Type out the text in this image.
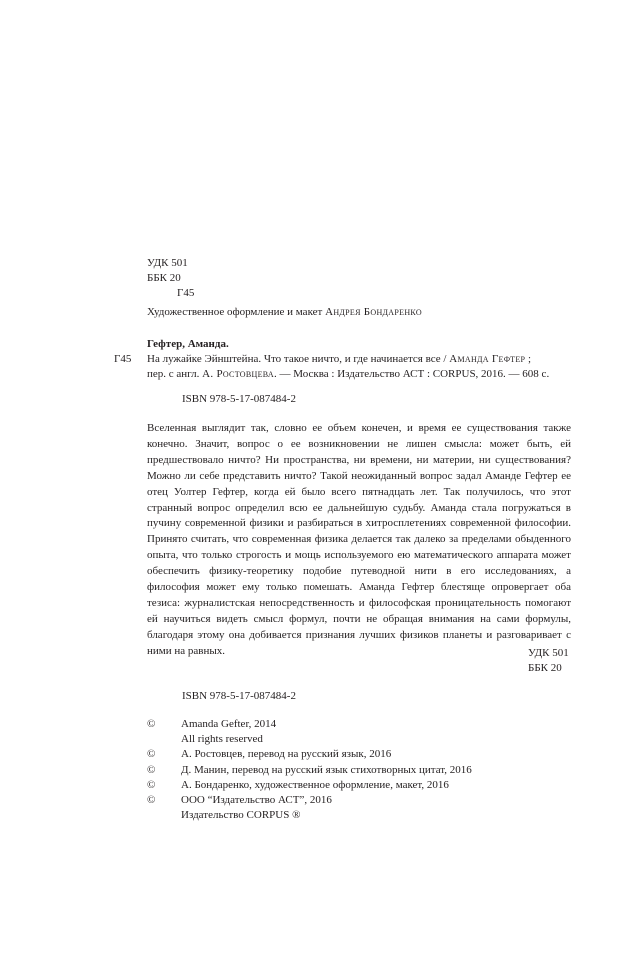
УДК 501
ББК 20
Г45
Художественное оформление и макет Андрея Бондаренко
Гефтер, Аманда.
Г45 На лужайке Эйнштейна. Что такое ничто, и где начинается все / Аманда Гефтер ;
пер. с англ. А. Ростовцева. — Москва : Издательство АСТ : CORPUS, 2016. — 608 с.
ISBN 978-5-17-087484-2

Вселенная выглядит так, словно ее объем конечен, и время ее существования также конечно. Значит, вопрос о ее возникновении не лишен смысла: может быть, ей предшествовало ничто? Ни пространства, ни времени, ни материи, ни существования? Можно ли себе представить ничто? Такой неожиданный вопрос задал Аманде Гефтер ее отец Уолтер Гефтер, когда ей было всего пятнадцать лет. Так получилось, что этот странный вопрос определил всю ее дальнейшую судьбу. Аманда стала погружаться в пучину современной физики и разбираться в хитросплетениях современной философии. Принято считать, что современная физика делается так далеко за пределами обыденного опыта, что только строгость и мощь используемого ею математического аппарата может обеспечить физику-теоретику подобие путеводной нити в его исследованиях, а философия может ему только помешать. Аманда Гефтер блестяще опровергает оба тезиса: журналистская непосредственность и философская проницательность помогают ей научиться видеть смысл формул, почти не обращая внимания на сами формулы, благодаря этому она добивается признания лучших физиков планеты и разговаривает с ними на равных.	УДК 501
ББК 20
ISBN 978-5-17-087484-2
©	Amanda Gefter, 2014
All rights reserved
©	А. Ростовцев, перевод на русский язык, 2016
©	Д. Манин, перевод на русский язык стихотворных цитат, 2016
©	А. Бондаренко, художественное оформление, макет, 2016
©	ООО “Издательство АСТ”, 2016
Издательство CORPUS ®
